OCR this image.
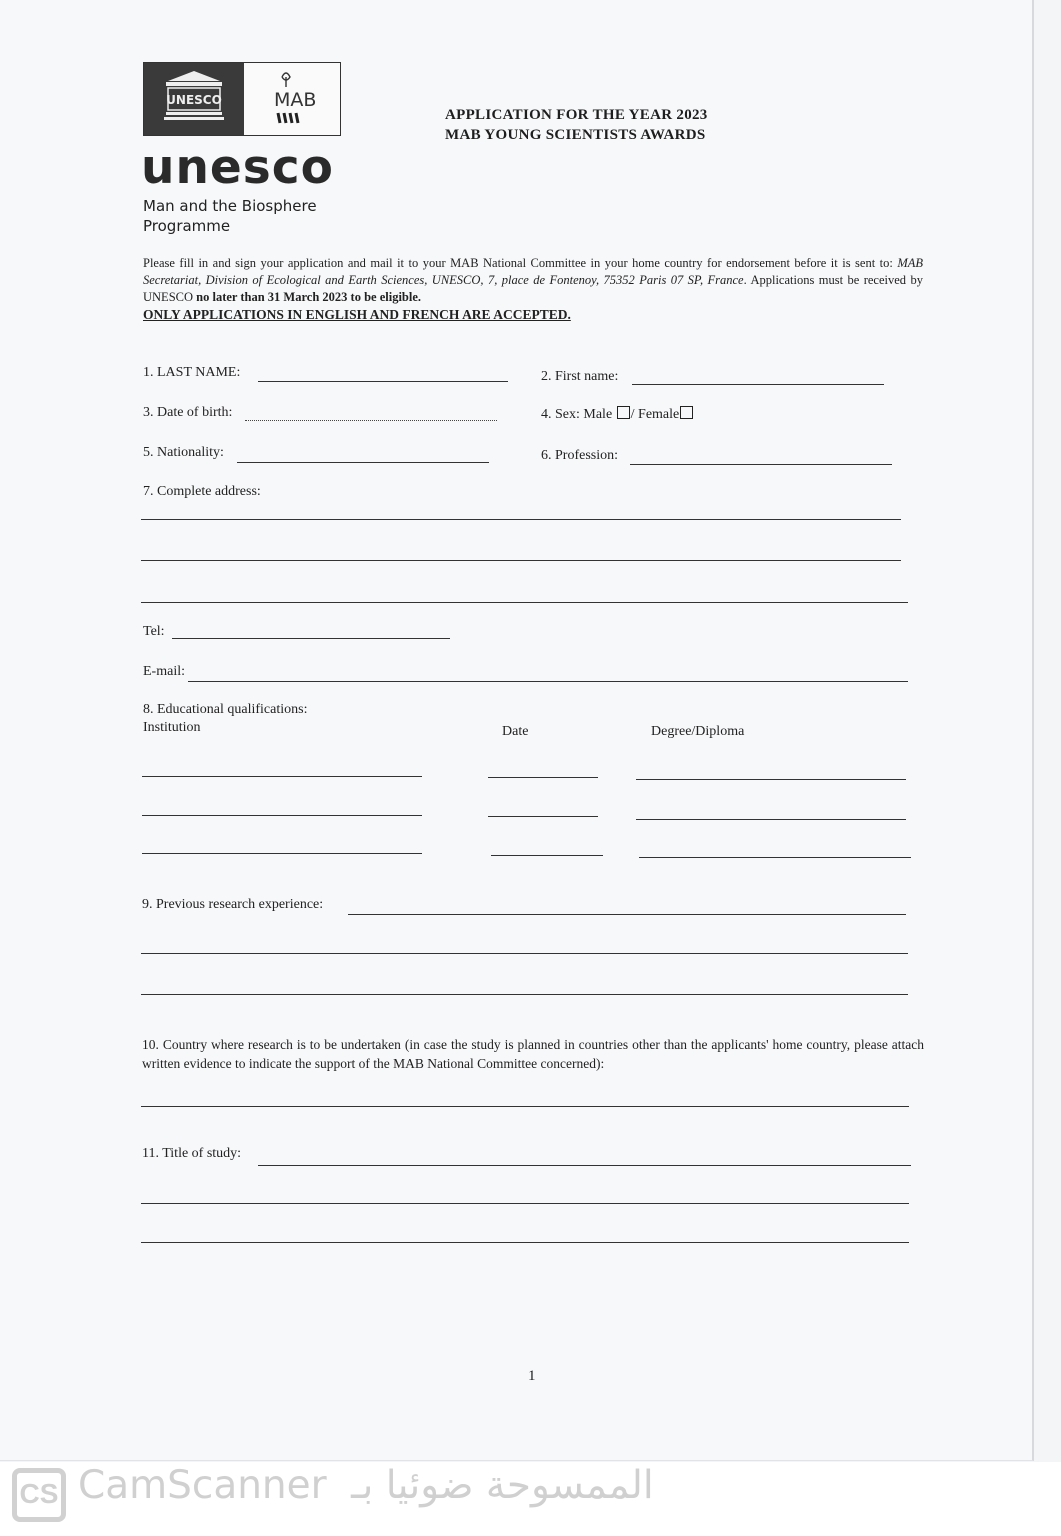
UNESCO	MAB
unesco
Man and the Biosphere
Programme
APPLICATION FOR THE YEAR 2023
MAB YOUNG SCIENTISTS AWARDS
Please fill in and sign your application and mail it to your MAB National Committee in your home country for endorsement before it is sent to: MAB Secretariat, Division of Ecological and Earth Sciences, UNESCO, 7, place de Fontenoy, 75352 Paris 07 SP, France. Applications must be received by UNESCO no later than 31 March 2023 to be eligible.
ONLY APPLICATIONS IN ENGLISH AND FRENCH ARE ACCEPTED.
1. LAST NAME:	2. First name:
3. Date of birth:	4. Sex: Male / Female
5. Nationality:	6. Profession:
7. Complete address:
Tel:
E-mail:
8. Educational qualifications:
Institution	Date	Degree/Diploma
9. Previous research experience:
10. Country where research is to be undertaken (in case the study is planned in countries other than the applicants' home country, please attach written evidence to indicate the support of the MAB National Committee concerned):
11. Title of study:
1
CS CamScanner الممسوحة ضوئيا بـ
